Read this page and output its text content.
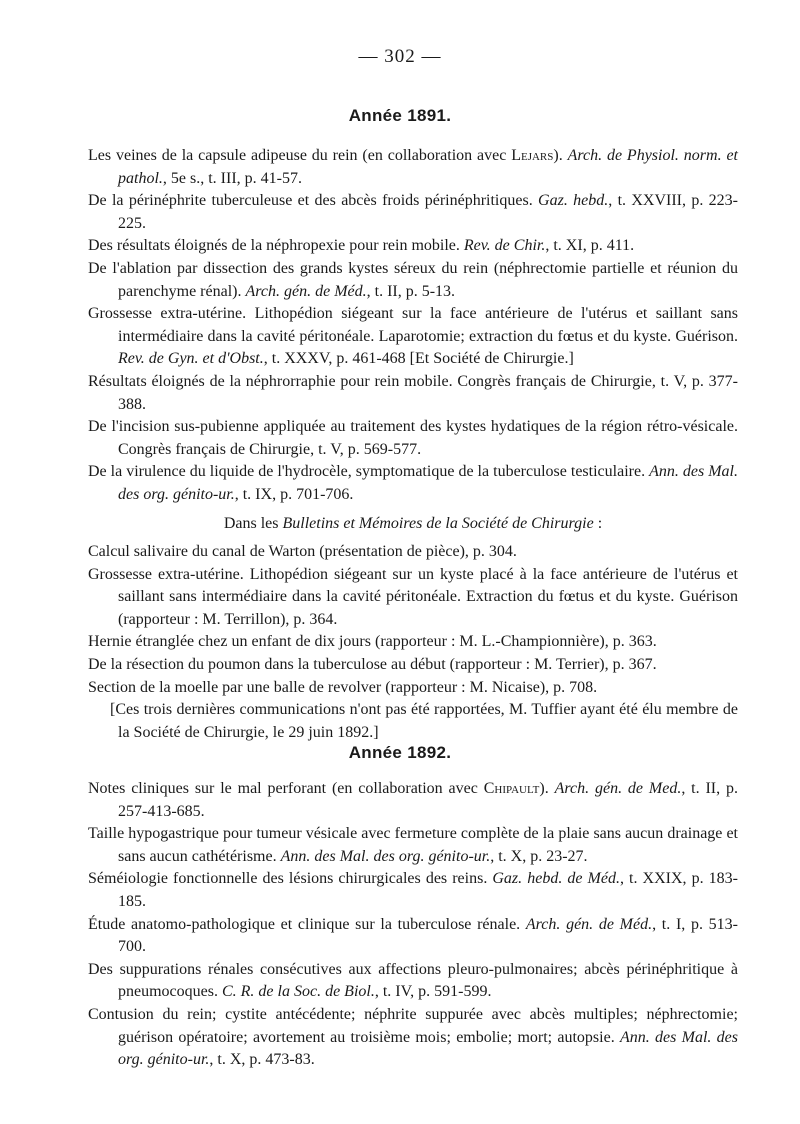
— 302 —
Année 1891.
Les veines de la capsule adipeuse du rein (en collaboration avec Lejars). Arch. de Physiol. norm. et pathol., 5e s., t. III, p. 41-57.
De la périnéphrite tuberculeuse et des abcès froids périnéphritiques. Gaz. hebd., t. XXVIII, p. 223-225.
Des résultats éloignés de la néphropexie pour rein mobile. Rev. de Chir., t. XI, p. 411.
De l'ablation par dissection des grands kystes séreux du rein (néphrectomie partielle et réunion du parenchyme rénal). Arch. gén. de Méd., t. II, p. 5-13.
Grossesse extra-utérine. Lithopédion siégeant sur la face antérieure de l'utérus et saillant sans intermédiaire dans la cavité péritonéale. Laparotomie; extraction du fœtus et du kyste. Guérison. Rev. de Gyn. et d'Obst., t. XXXV, p. 461-468 [Et Société de Chirurgie.]
Résultats éloignés de la néphrorraphie pour rein mobile. Congrès français de Chirurgie, t. V, p. 377-388.
De l'incision sus-pubienne appliquée au traitement des kystes hydatiques de la région rétro-vésicale. Congrès français de Chirurgie, t. V, p. 569-577.
De la virulence du liquide de l'hydrocèle, symptomatique de la tuberculose testiculaire. Ann. des Mal. des org. génito-ur., t. IX, p. 701-706.
Dans les Bulletins et Mémoires de la Société de Chirurgie :
Calcul salivaire du canal de Warton (présentation de pièce), p. 304.
Grossesse extra-utérine. Lithopédion siégeant sur un kyste placé à la face antérieure de l'utérus et saillant sans intermédiaire dans la cavité péritonéale. Extraction du fœtus et du kyste. Guérison (rapporteur : M. Terrillon), p. 364.
Hernie étranglée chez un enfant de dix jours (rapporteur : M. L.-Championnière), p. 363.
De la résection du poumon dans la tuberculose au début (rapporteur : M. Terrier), p. 367.
Section de la moelle par une balle de revolver (rapporteur : M. Nicaise), p. 708.
[Ces trois dernières communications n'ont pas été rapportées, M. Tuffier ayant été élu membre de la Société de Chirurgie, le 29 juin 1892.]
Année 1892.
Notes cliniques sur le mal perforant (en collaboration avec Chipault). Arch. gén. de Med., t. II, p. 257-413-685.
Taille hypogastrique pour tumeur vésicale avec fermeture complète de la plaie sans aucun drainage et sans aucun cathétérisme. Ann. des Mal. des org. génito-ur., t. X, p. 23-27.
Séméiologie fonctionnelle des lésions chirurgicales des reins. Gaz. hebd. de Méd., t. XXIX, p. 183-185.
Étude anatomo-pathologique et clinique sur la tuberculose rénale. Arch. gén. de Méd., t. I, p. 513-700.
Des suppurations rénales consécutives aux affections pleuro-pulmonaires; abcès périnéphritique à pneumocoques. C. R. de la Soc. de Biol., t. IV, p. 591-599.
Contusion du rein; cystite antécédente; néphrite suppurée avec abcès multiples; néphrectomie; guérison opératoire; avortement au troisième mois; embolie; mort; autopsie. Ann. des Mal. des org. génito-ur., t. X, p. 473-83.
